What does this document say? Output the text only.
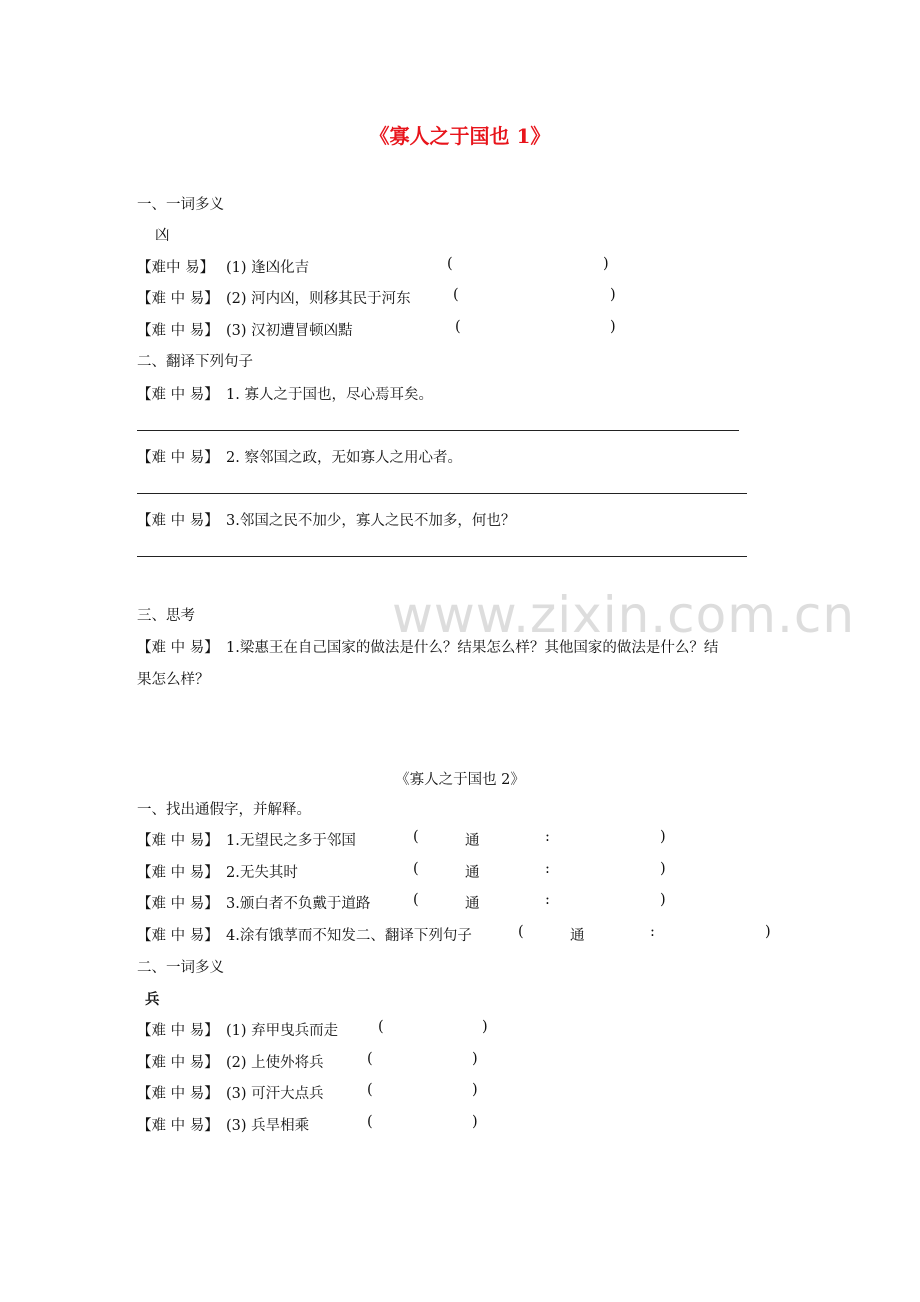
《寡人之于国也 1》
一、一词多义
凶
【难中 易】 (1) 逢凶化吉	(	)
【难 中 易】 (2) 河内凶，则移其民于河东	(	)
【难 中 易】 (3) 汉初遭冒顿凶黠	(	)
二、翻译下列句子
【难 中 易】 1. 寡人之于国也，尽心焉耳矣。
【难 中 易】 2. 察邻国之政，无如寡人之用心者。
【难 中 易】 3.邻国之民不加少，寡人之民不加多，何也？
www.zixin.com.cn
三、思考
【难 中 易】 1.梁惠王在自己国家的做法是什么？结果怎么样？其他国家的做法是什么？结
果怎么样？
《寡人之于国也 2》
一、找出通假字，并解释。
【难 中 易】 1.无望民之多于邻国	(	通	:	)
【难 中 易】 2.无失其时	(	通	:	)
【难 中 易】 3.颁白者不负戴于道路	(	通	:	)
【难 中 易】 4.涂有饿莩而不知发二、翻译下列句子	(	通	:	)
二、一词多义
兵
【难 中 易】 (1) 弃甲曳兵而走	(	)
【难 中 易】 (2) 上使外将兵	(	)
【难 中 易】 (3) 可汗大点兵	(	)
【难 中 易】 (3) 兵旱相乘	(	)
